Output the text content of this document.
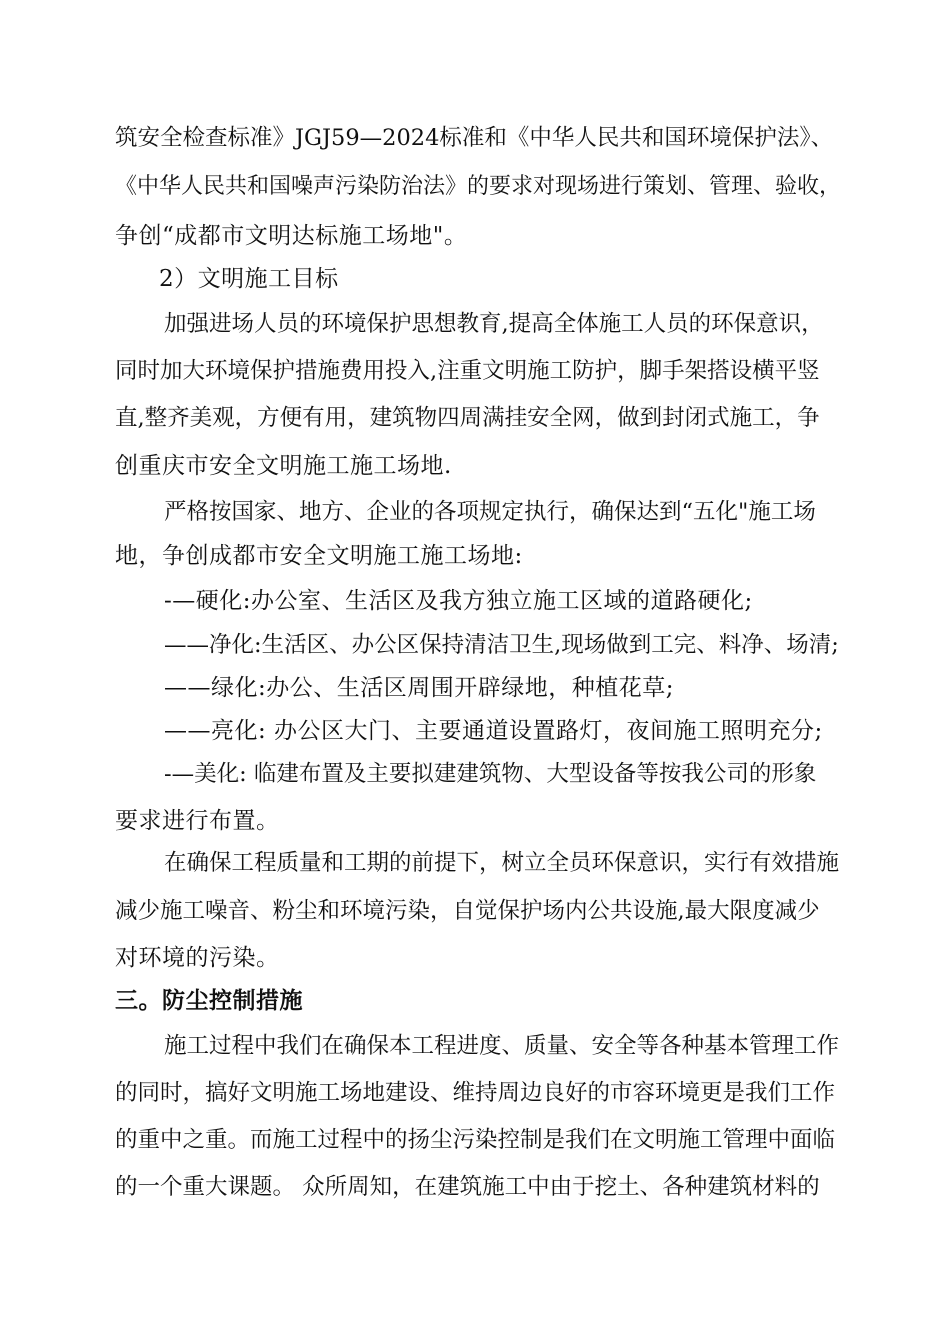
筑安全检查标准》JGJ59—2024标准和《中华人民共和国环境保护法》、
《中华人民共和国噪声污染防治法》的要求对现场进行策划、管理、验收，
争创“成都市文明达标施工场地"。
2）文明施工目标
加强进场人员的环境保护思想教育,提高全体施工人员的环保意识，
同时加大环境保护措施费用投入,注重文明施工防护，脚手架搭设横平竖
直,整齐美观，方便有用，建筑物四周满挂安全网，做到封闭式施工，争
创重庆市安全文明施工施工场地.
严格按国家、地方、企业的各项规定执行，确保达到“五化"施工场
地，争创成都市安全文明施工施工场地:
-—硬化:办公室、生活区及我方独立施工区域的道路硬化;
——净化:生活区、办公区保持清洁卫生,现场做到工完、料净、场清;
——绿化:办公、生活区周围开辟绿地，种植花草;
——亮化: 办公区大门、主要通道设置路灯，夜间施工照明充分;
-—美化: 临建布置及主要拟建建筑物、大型设备等按我公司的形象
要求进行布置。
在确保工程质量和工期的前提下，树立全员环保意识，实行有效措施
减少施工噪音、粉尘和环境污染，自觉保护场内公共设施,最大限度减少
对环境的污染。
三。防尘控制措施
施工过程中我们在确保本工程进度、质量、安全等各种基本管理工作
的同时，搞好文明施工场地建设、维持周边良好的市容环境更是我们工作
的重中之重。而施工过程中的扬尘污染控制是我们在文明施工管理中面临
的一个重大课题。 众所周知，在建筑施工中由于挖土、各种建筑材料的
